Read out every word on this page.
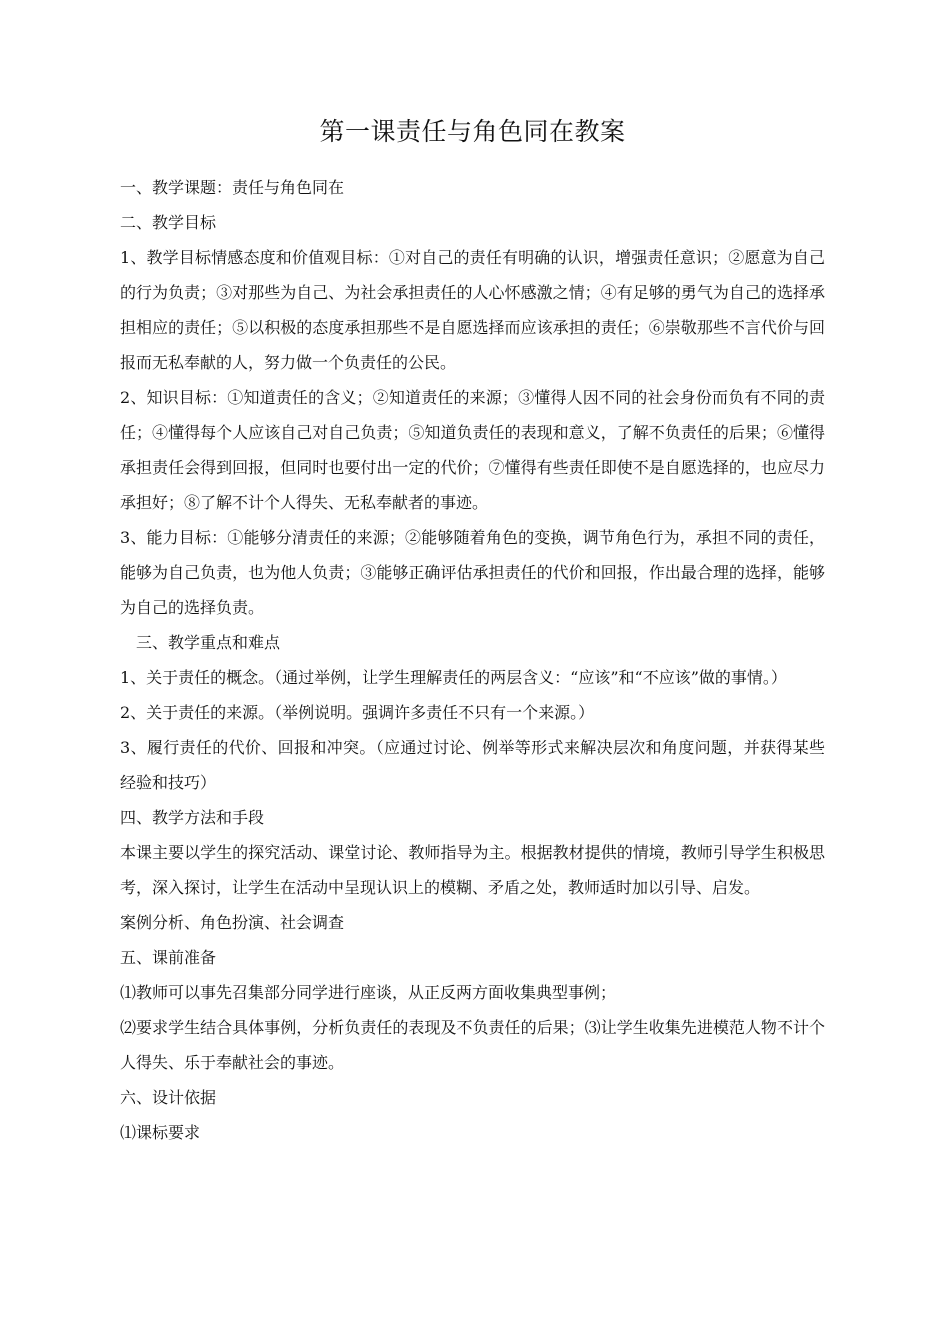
第一课责任与角色同在教案

一、教学课题：责任与角色同在

二、教学目标

1、教学目标情感态度和价值观目标：①对自己的责任有明确的认识，增强责任意识；②愿意为自己的行为负责；③对那些为自己、为社会承担责任的人心怀感激之情；④有足够的勇气为自己的选择承担相应的责任；⑤以积极的态度承担那些不是自愿选择而应该承担的责任；⑥崇敬那些不言代价与回报而无私奉献的人，努力做一个负责任的公民。

2、知识目标：①知道责任的含义；②知道责任的来源；③懂得人因不同的社会身份而负有不同的责任；④懂得每个人应该自己对自己负责；⑤知道负责任的表现和意义，了解不负责任的后果；⑥懂得承担责任会得到回报，但同时也要付出一定的代价；⑦懂得有些责任即使不是自愿选择的，也应尽力承担好；⑧了解不计个人得失、无私奉献者的事迹。

3、能力目标：①能够分清责任的来源；②能够随着角色的变换，调节角色行为，承担不同的责任，能够为自己负责，也为他人负责；③能够正确评估承担责任的代价和回报，作出最合理的选择，能够为自己的选择负责。

三、教学重点和难点

1、关于责任的概念。（通过举例，让学生理解责任的两层含义：“应该”和“不应该”做的事情。）

2、关于责任的来源。（举例说明。强调许多责任不只有一个来源。）

3、履行责任的代价、回报和冲突。（应通过讨论、例举等形式来解决层次和角度问题，并获得某些经验和技巧）

四、教学方法和手段

本课主要以学生的探究活动、课堂讨论、教师指导为主。根据教材提供的情境，教师引导学生积极思考，深入探讨，让学生在活动中呈现认识上的模糊、矛盾之处，教师适时加以引导、启发。

案例分析、角色扮演、社会调查

五、课前准备

⑴教师可以事先召集部分同学进行座谈，从正反两方面收集典型事例；

⑵要求学生结合具体事例，分析负责任的表现及不负责任的后果；⑶让学生收集先进模范人物不计个人得失、乐于奉献社会的事迹。

六、设计依据

⑴课标要求
